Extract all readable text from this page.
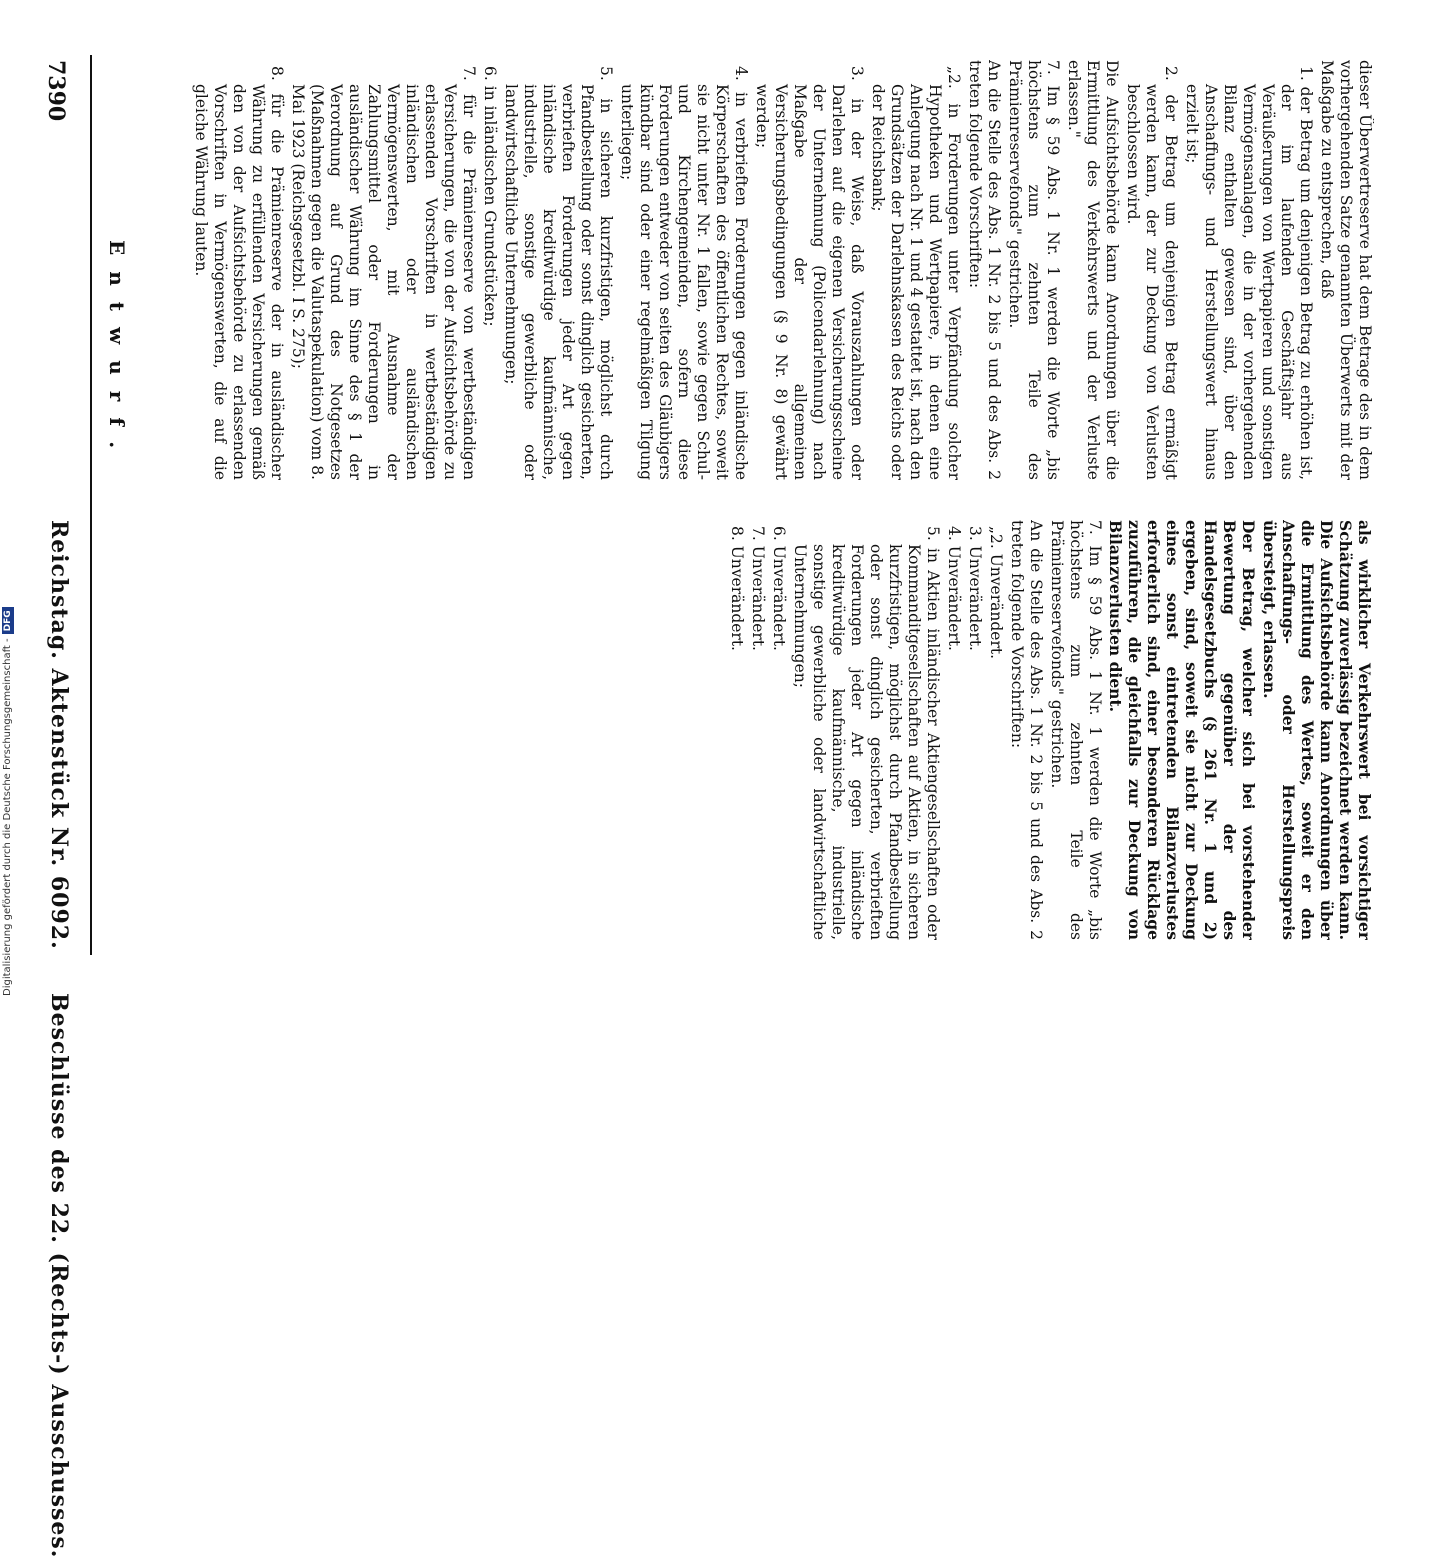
7390
Reichstag. Aktenstück Nr. 6092.     Beschlüsse des 22. (Rechts-) Ausschusses.
Entwurf.	dieser Überwertreserve hat dem Betrage des in dem vorhergehenden Satze genannten Überwerts mit der Maßgabe zu entsprechen, daß

1. der Betrag um denjenigen Betrag zu erhöhen ist, der im laufenden Geschäftsjahr aus Veräußerungen von Wertpapieren und sonstigen Vermögensanlagen, die in der vorhergehenden Bilanz enthalten gewesen sind, über den Anschaffungs- und Herstellungswert hinaus erzielt ist;

2. der Betrag um denjenigen Betrag ermäßigt werden kann, der zur Deckung von Verlusten beschlossen wird.

Die Aufsichtsbehörde kann Anordnungen über die Ermittlung des Verkehrswerts und der Verluste erlassen."

7. Im § 59 Abs. 1 Nr. 1 werden die Worte „bis höchstens zum zehnten Teile des Prämienreservefonds" gestrichen.

An die Stelle des Abs. 1 Nr. 2 bis 5 und des Abs. 2 treten folgende Vorschriften:

„2. in Forderungen unter Verpfändung solcher Hypotheken und Wertpapiere, in denen eine Anlegung nach Nr. 1 und 4 gestattet ist, nach den Grundsätzen der Darlehnskassen des Reichs oder der Reichsbank;

3. in der Weise, daß Vorauszahlungen oder Darlehen auf die eigenen Versicherungsscheine der Unternehmung (Policendarlehnung) nach Maßgabe der allgemeinen Versicherungsbedingungen (§ 9 Nr. 8) gewährt werden;

4. in verbrieften Forderungen gegen inländische Körperschaften des öffentlichen Rechtes, soweit sie nicht unter Nr. 1 fallen, sowie gegen Schul- und Kirchengemeinden, sofern diese Forderungen entweder von seiten des Gläubigers kündbar sind oder einer regelmäßigen Tilgung unterliegen;

5. in sicheren kurzfristigen, möglichst durch Pfandbestellung oder sonst dinglich gesicherten, verbrieften Forderungen jeder Art gegen inländische kreditwürdige kaufmännische, industrielle, sonstige gewerbliche oder landwirtschaftliche Unternehmungen;

6. in inländischen Grundstücken;

7. für die Prämienreserve von wertbeständigen Versicherungen, die von der Aufsichtsbehörde zu erlassenden Vorschriften in wertbeständigen inländischen oder ausländischen Vermögenswerten, mit Ausnahme der Zahlungsmittel oder Forderungen in ausländischer Währung im Sinne des § 1 der Verordnung auf Grund des Notgesetzes (Maßnahmen gegen die Valutaspekulation) vom 8. Mai 1923 (Reichsgesetzbl. I S. 275);

8. für die Prämienreserve der in ausländischer Währung zu erfüllenden Versicherungen gemäß den von der Aufsichtsbehörde zu erlassenden Vorschriften in Vermögenswerten, die auf die gleiche Währung lauten.

als wirklicher Verkehrswert bei vorsichtiger Schätzung zuverlässig bezeichnet werden kann. Die Aufsichtsbehörde kann Anordnungen über die Ermittlung des Wertes, soweit er den Anschaffungs- oder Herstellungspreis übersteigt, erlassen.

Der Betrag, welcher sich bei vorstehender Bewertung gegenüber der des Handelsgesetzbuchs (§ 261 Nr. 1 und 2) ergeben, sind, soweit sie nicht zur Deckung eines sonst eintretenden Bilanzverlustes erforderlich sind, einer besonderen Rücklage zuzuführen, die gleichfalls zur Deckung von Bilanzverlusten dient.

7. Im § 59 Abs. 1 Nr. 1 werden die Worte „bis höchstens zum zehnten Teile des Prämienreservefonds" gestrichen.

An die Stelle des Abs. 1 Nr. 2 bis 5 und des Abs. 2 treten folgende Vorschriften:

„2. Unverändert.

3. Unverändert.

4. Unverändert.

5. in Aktien inländischer Aktiengesellschaften oder Kommanditgesellschaften auf Aktien, in sicheren kurzfristigen, möglichst durch Pfandbestellung oder sonst dinglich gesicherten, verbrieften Forderungen jeder Art gegen inländische kreditwürdige kaufmännische, industrielle, sonstige gewerbliche oder landwirtschaftliche Unternehmungen;

6. Unverändert.

7. Unverändert.

8. Unverändert.

Digitalisierung gefördert durch die Deutsche Forschungsgemeinschaft -DFG
